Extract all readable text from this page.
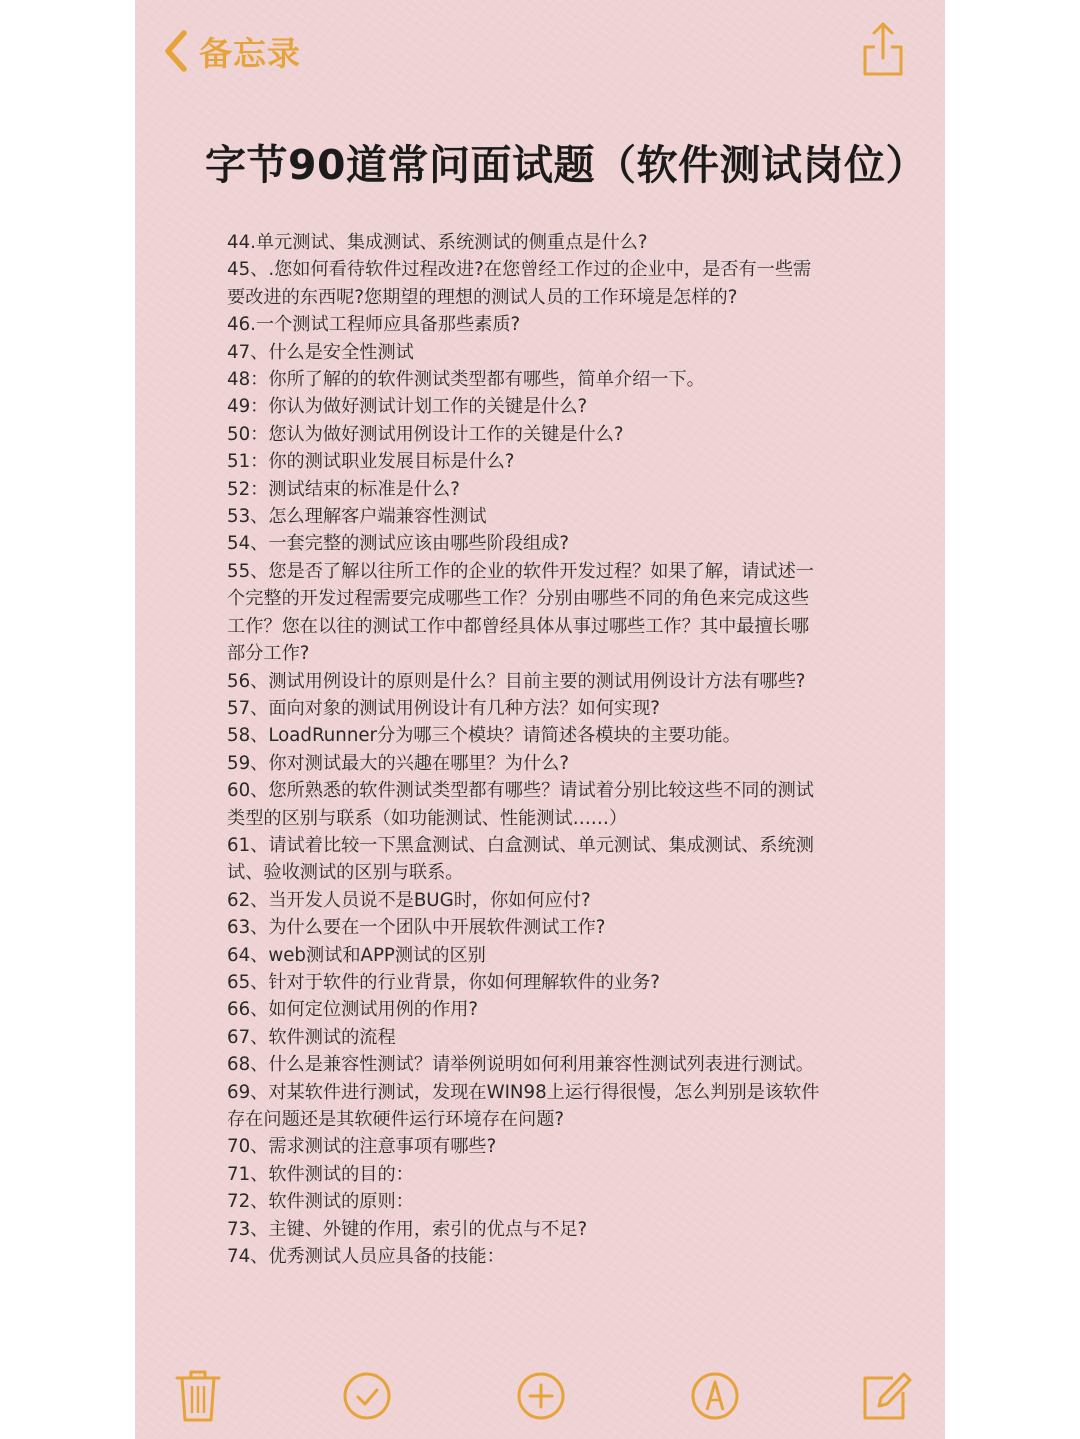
备忘录
字节90道常问面试题（软件测试岗位）
44.单元测试、集成测试、系统测试的侧重点是什么?
45、.您如何看待软件过程改进?在您曾经工作过的企业中，是否有一些需
要改进的东西呢?您期望的理想的测试人员的工作环境是怎样的?
46.一个测试工程师应具备那些素质?
47、什么是安全性测试
48：你所了解的的软件测试类型都有哪些，简单介绍一下。
49：你认为做好测试计划工作的关键是什么?
50：您认为做好测试用例设计工作的关键是什么?
51：你的测试职业发展目标是什么?
52：测试结束的标准是什么?
53、怎么理解客户端兼容性测试
54、一套完整的测试应该由哪些阶段组成?
55、您是否了解以往所工作的企业的软件开发过程？如果了解，请试述一
个完整的开发过程需要完成哪些工作？分别由哪些不同的角色来完成这些
工作？您在以往的测试工作中都曾经具体从事过哪些工作？其中最擅长哪
部分工作?
56、测试用例设计的原则是什么？目前主要的测试用例设计方法有哪些?
57、面向对象的测试用例设计有几种方法？如何实现?
58、LoadRunner分为哪三个模块？请简述各模块的主要功能。
59、你对测试最大的兴趣在哪里？为什么?
60、您所熟悉的软件测试类型都有哪些？请试着分别比较这些不同的测试
类型的区别与联系（如功能测试、性能测试……）
61、请试着比较一下黑盒测试、白盒测试、单元测试、集成测试、系统测
试、验收测试的区别与联系。
62、当开发人员说不是BUG时，你如何应付?
63、为什么要在一个团队中开展软件测试工作?
64、web测试和APP测试的区别
65、针对于软件的行业背景，你如何理解软件的业务?
66、如何定位测试用例的作用?
67、软件测试的流程
68、什么是兼容性测试？请举例说明如何利用兼容性测试列表进行测试。
69、对某软件进行测试，发现在WIN98上运行得很慢，怎么判别是该软件
存在问题还是其软硬件运行环境存在问题?
70、需求测试的注意事项有哪些?
71、软件测试的目的：
72、软件测试的原则：
73、主键、外键的作用，索引的优点与不足?
74、优秀测试人员应具备的技能：
